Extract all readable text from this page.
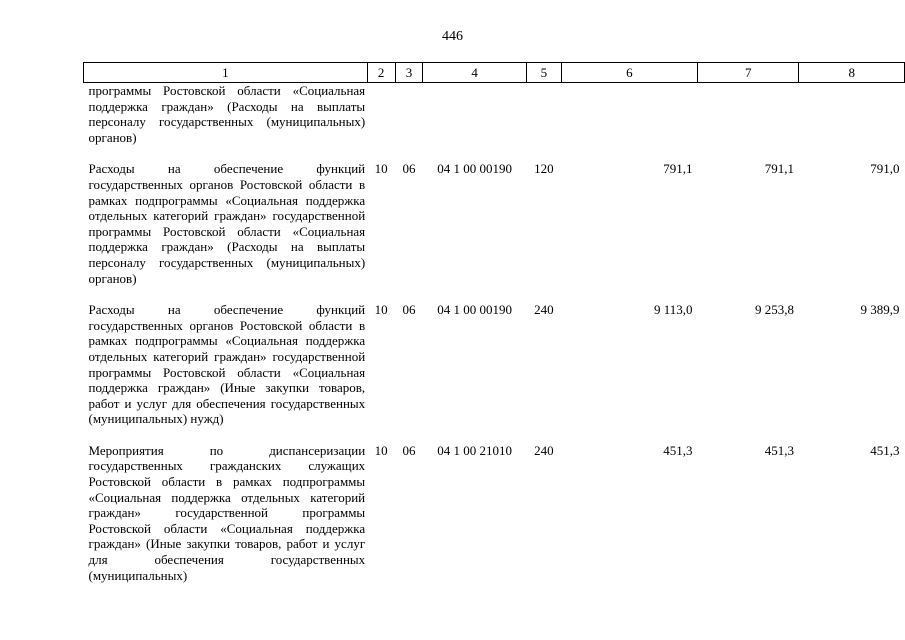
446
1	2	3	4	5	6	7	8
программы Ростовской области «Социальная поддержка граждан» (Расходы на выплаты персоналу государственных (муниципальных) органов)							
Расходы на обеспечение функций государственных органов Ростовской области в рамках подпрограммы «Социальная поддержка отдельных категорий граждан» государственной программы Ростовской области «Социальная поддержка граждан» (Расходы на выплаты персоналу государственных (муниципальных) органов)	10	06	04 1 00 00190	120	791,1	791,1	791,0
Расходы на обеспечение функций государственных органов Ростовской области в рамках подпрограммы «Социальная поддержка отдельных категорий граждан» государственной программы Ростовской области «Социальная поддержка граждан» (Иные закупки товаров, работ и услуг для обеспечения государственных (муниципальных) нужд)	10	06	04 1 00 00190	240	9 113,0	9 253,8	9 389,9
Мероприятия по диспансеризации государственных гражданских служащих Ростовской области в рамках подпрограммы «Социальная поддержка отдельных категорий граждан» государственной программы Ростовской области «Социальная поддержка граждан» (Иные закупки товаров, работ и услуг для обеспечения государственных (муниципальных)	10	06	04 1 00 21010	240	451,3	451,3	451,3
